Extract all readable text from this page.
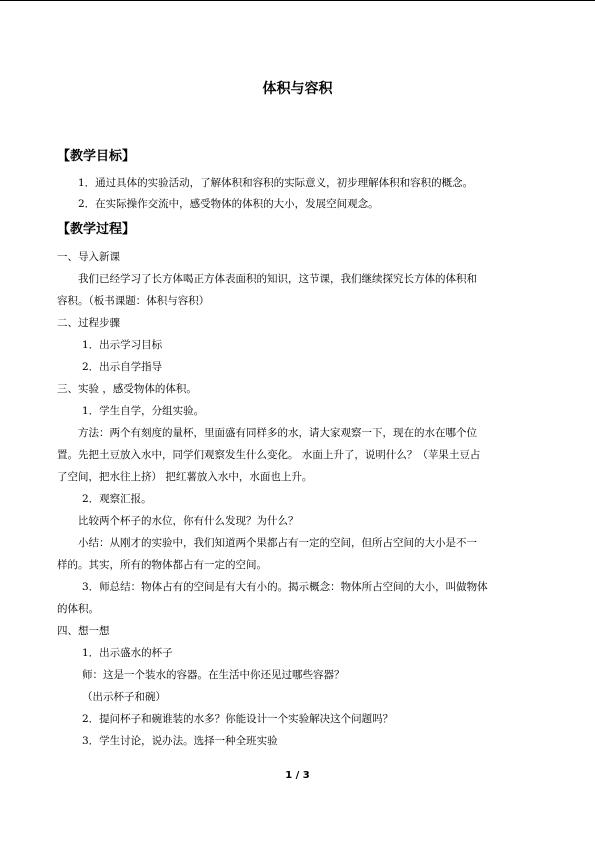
体积与容积
【教学目标】
1．通过具体的实验活动，了解体积和容积的实际意义，初步理解体积和容积的概念。
2．在实际操作交流中，感受物体的体积的大小，发展空间观念。
【教学过程】
一、导入新课
我们已经学习了长方体喝正方体表面积的知识，这节课，我们继续探究长方体的体积和
容积。（板书课题：体积与容积）
二、过程步骤
1．出示学习目标
2．出示自学指导
三、实验 ，感受物体的体积。
1．学生自学，分组实验。
方法：两个有刻度的量杯，里面盛有同样多的水，请大家观察一下，现在的水在哪个位
置。先把土豆放入水中，同学们观察发生什么变化。 水面上升了，说明什么？（苹果土豆占
了空间，把水往上挤） 把红薯放入水中，水面也上升。
2．观察汇报。
比较两个杯子的水位，你有什么发现？为什么？
小结：从刚才的实验中，我们知道两个果都占有一定的空间，但所占空间的大小是不一
样的。其实，所有的物体都占有一定的空间。
3．师总结：物体占有的空间是有大有小的。揭示概念：物体所占空间的大小，叫做物体
的体积。
四、想一想
1．出示盛水的杯子
师：这是一个装水的容器。在生活中你还见过哪些容器？
（出示杯子和碗）
2．提问杯子和碗谁装的水多？你能设计一个实验解决这个问题吗？
3．学生讨论，说办法。选择一种全班实验
1 / 3
